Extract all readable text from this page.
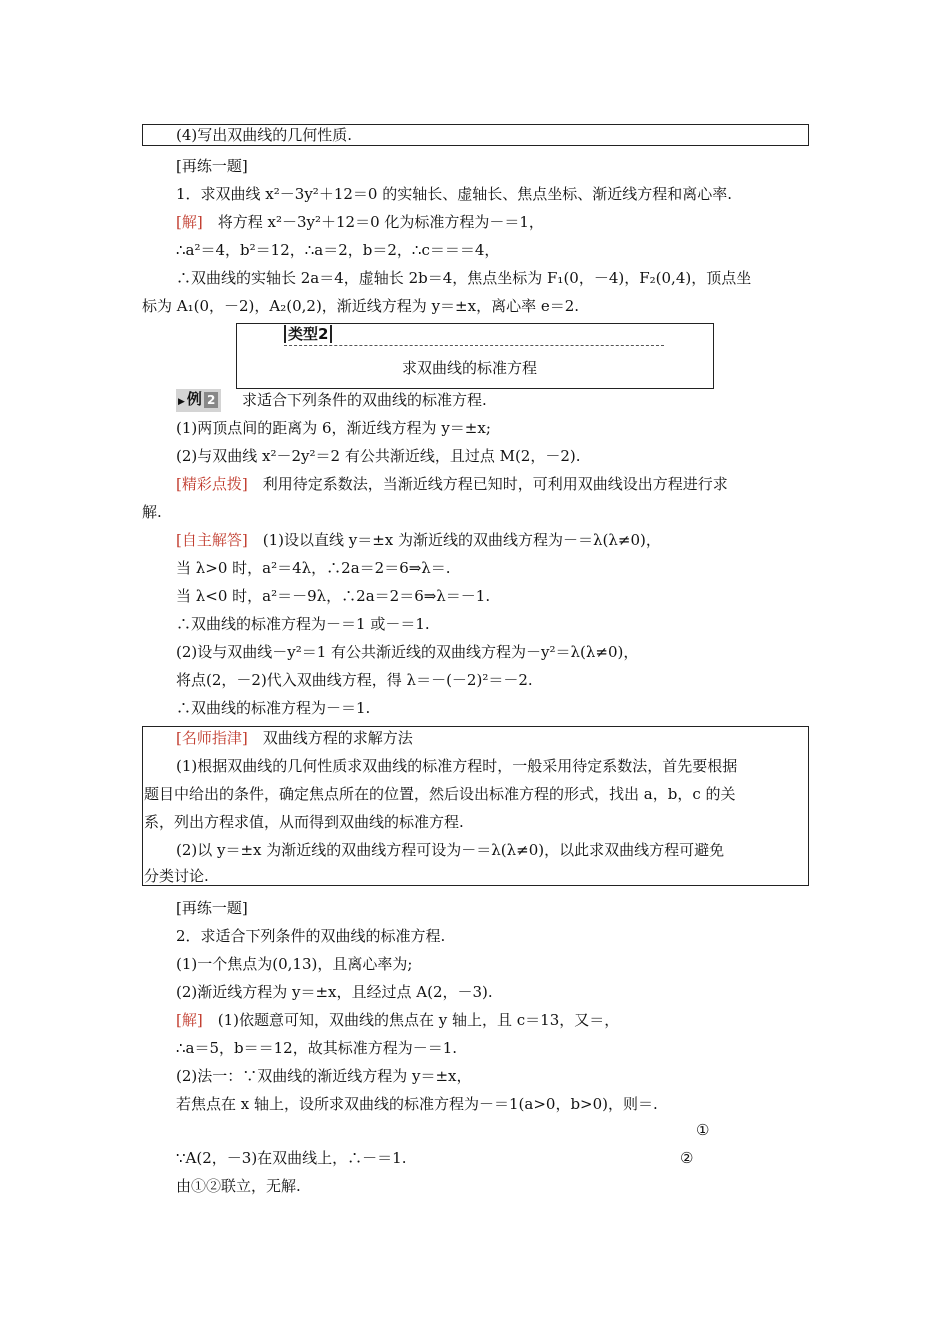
(4)写出双曲线的几何性质.
[再练一题]
1．求双曲线 x²－3y²＋12＝0 的实轴长、虚轴长、焦点坐标、渐近线方程和离心率.
[解]　将方程 x²－3y²＋12＝0 化为标准方程为－＝1，
∴a²＝4，b²＝12，∴a＝2，b＝2，∴c＝＝＝4，
∴双曲线的实轴长 2a＝4，虚轴长 2b＝4，焦点坐标为 F₁(0，－4)，F₂(0,4)，顶点坐
标为 A₁(0，－2)，A₂(0,2)，渐近线方程为 y＝±x，离心率 e＝2.
类型2
求双曲线的标准方程
▶ 例 2	求适合下列条件的双曲线的标准方程.
(1)两顶点间的距离为 6，渐近线方程为 y＝±x;
(2)与双曲线 x²－2y²＝2 有公共渐近线，且过点 M(2，－2).
[精彩点拨]　利用待定系数法，当渐近线方程已知时，可利用双曲线设出方程进行求
解.
[自主解答]　(1)设以直线 y＝±x 为渐近线的双曲线方程为－＝λ(λ≠0)，
当 λ>0 时，a²＝4λ，∴2a＝2＝6⇒λ＝.
当 λ<0 时，a²＝－9λ，∴2a＝2＝6⇒λ＝－1.
∴双曲线的标准方程为－＝1 或－＝1.
(2)设与双曲线－y²＝1 有公共渐近线的双曲线方程为－y²＝λ(λ≠0)，
将点(2，－2)代入双曲线方程，得 λ＝－(－2)²＝－2.
∴双曲线的标准方程为－＝1.
[名师指津]　双曲线方程的求解方法
(1)根据双曲线的几何性质求双曲线的标准方程时，一般采用待定系数法，首先要根据
题目中给出的条件，确定焦点所在的位置，然后设出标准方程的形式，找出 a，b，c 的关
系，列出方程求值，从而得到双曲线的标准方程.
(2)以 y＝±x 为渐近线的双曲线方程可设为－＝λ(λ≠0)，以此求双曲线方程可避免
分类讨论.
[再练一题]
2．求适合下列条件的双曲线的标准方程.
(1)一个焦点为(0,13)，且离心率为;
(2)渐近线方程为 y＝±x，且经过点 A(2，－3).
[解]　(1)依题意可知，双曲线的焦点在 y 轴上，且 c＝13，又＝，
∴a＝5，b＝＝12，故其标准方程为－＝1.
(2)法一：∵双曲线的渐近线方程为 y＝±x，
若焦点在 x 轴上，设所求双曲线的标准方程为－＝1(a>0，b>0)，则＝.
①
∵A(2，－3)在双曲线上，∴－＝1.	②
由①②联立，无解.
